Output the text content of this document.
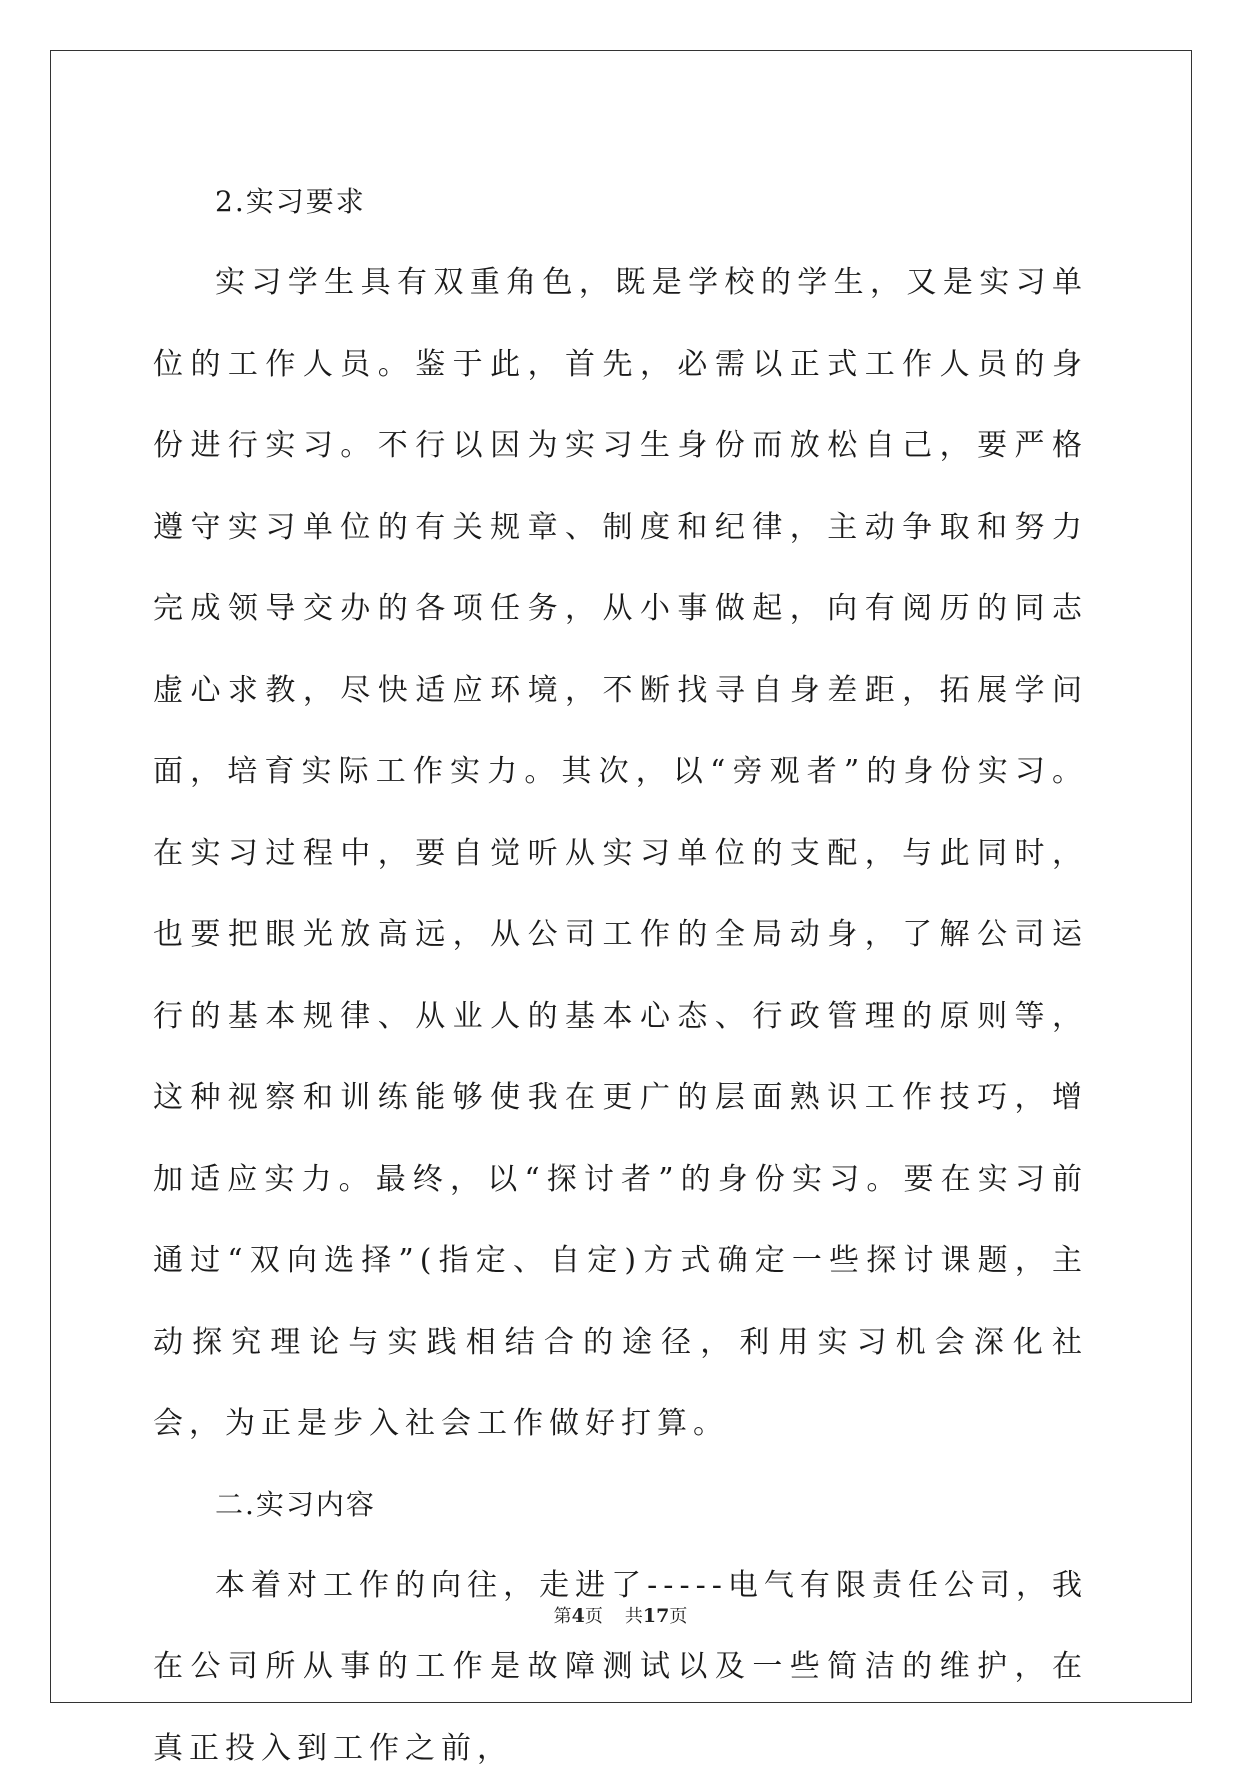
2.实习要求

实习学生具有双重角色，既是学校的学生，又是实习单位的工作人员。鉴于此，首先，必需以正式工作人员的身份进行实习。不行以因为实习生身份而放松自己，要严格遵守实习单位的有关规章、制度和纪律，主动争取和努力完成领导交办的各项任务，从小事做起，向有阅历的同志虚心求教，尽快适应环境，不断找寻自身差距，拓展学问面，培育实际工作实力。其次，以“旁观者”的身份实习。在实习过程中，要自觉听从实习单位的支配，与此同时，也要把眼光放高远，从公司工作的全局动身，了解公司运行的基本规律、从业人的基本心态、行政管理的原则等，这种视察和训练能够使我在更广的层面熟识工作技巧，增加适应实力。最终，以“探讨者”的身份实习。要在实习前通过“双向选择”(指定、自定)方式确定一些探讨课题，主动探究理论与实践相结合的途径，利用实习机会深化社会，为正是步入社会工作做好打算。

二.实习内容

本着对工作的向往，走进了-----电气有限责任公司，我在公司所从事的工作是故障测试以及一些简洁的维护，在真正投入到工作之前，

第4页 共17页
